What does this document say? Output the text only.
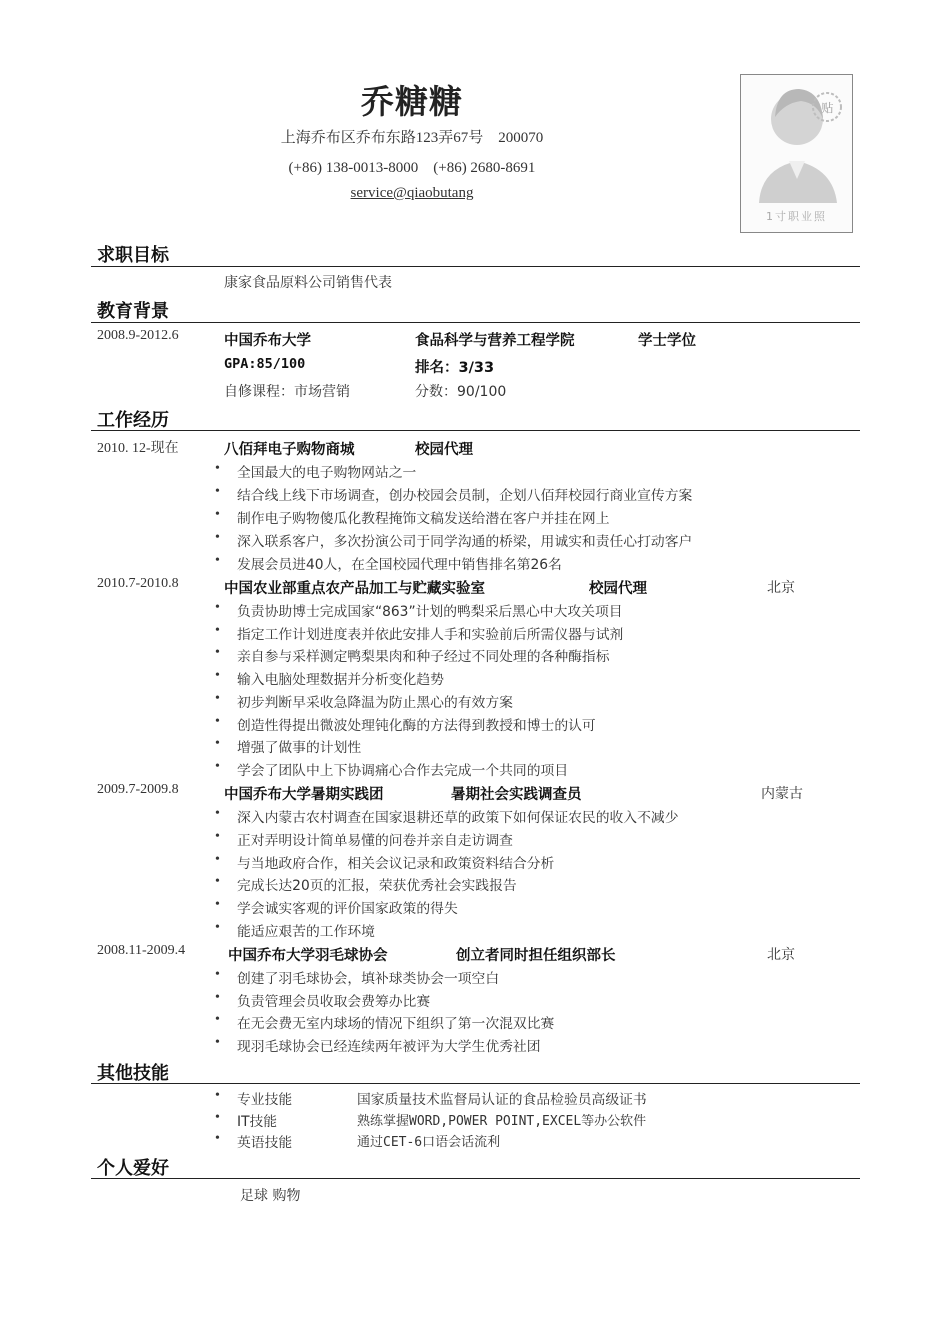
乔糖糖
上海乔布区乔布东路123弄67号　200070
(+86) 138-0013-8000　(+86) 2680-8691
service@qiaobutang
贴
1寸职业照
求职目标
康家食品原料公司销售代表
教育背景
2008.9-2012.6	中国乔布大学	食品科学与营养工程学院	学士学位
GPA:85/100	排名：3/33
自修课程：市场营销	分数：90/100
工作经历
2010. 12-现在	八佰拜电子购物商城	校园代理
• 全国最大的电子购物网站之一
• 结合线上线下市场调查，创办校园会员制，企划八佰拜校园行商业宣传方案
• 制作电子购物傻瓜化教程掩饰文稿发送给潜在客户并挂在网上
• 深入联系客户，多次扮演公司于同学沟通的桥梁，用诚实和责任心打动客户
• 发展会员进40人，在全国校园代理中销售排名第26名
2010.7-2010.8	中国农业部重点农产品加工与贮藏实验室	校园代理	北京
• 负责协助博士完成国家“863”计划的鸭梨采后黑心中大攻关项目
• 指定工作计划进度表并依此安排人手和实验前后所需仪器与试剂
• 亲自参与采样测定鸭梨果肉和种子经过不同处理的各种酶指标
• 输入电脑处理数据并分析变化趋势
• 初步判断早采收急降温为防止黑心的有效方案
• 创造性得提出微波处理钝化酶的方法得到教授和博士的认可
• 增强了做事的计划性
• 学会了团队中上下协调痛心合作去完成一个共同的项目
2009.7-2009.8	中国乔布大学暑期实践团	暑期社会实践调查员	内蒙古
• 深入内蒙古农村调查在国家退耕还草的政策下如何保证农民的收入不减少
• 正对弄明设计简单易懂的问卷并亲自走访调查
• 与当地政府合作，相关会议记录和政策资料结合分析
• 完成长达20页的汇报，荣获优秀社会实践报告
• 学会诚实客观的评价国家政策的得失
• 能适应艰苦的工作环境
2008.11-2009.4	中国乔布大学羽毛球协会	创立者同时担任组织部长	北京
• 创建了羽毛球协会，填补球类协会一项空白
• 负责管理会员收取会费筹办比赛
• 在无会费无室内球场的情况下组织了第一次混双比赛
• 现羽毛球协会已经连续两年被评为大学生优秀社团
其他技能
• 专业技能	国家质量技术监督局认证的食品检验员高级证书
• IT技能	熟练掌握WORD,POWER POINT,EXCEL等办公软件
• 英语技能	通过CET-6口语会话流利
个人爱好
足球 购物
